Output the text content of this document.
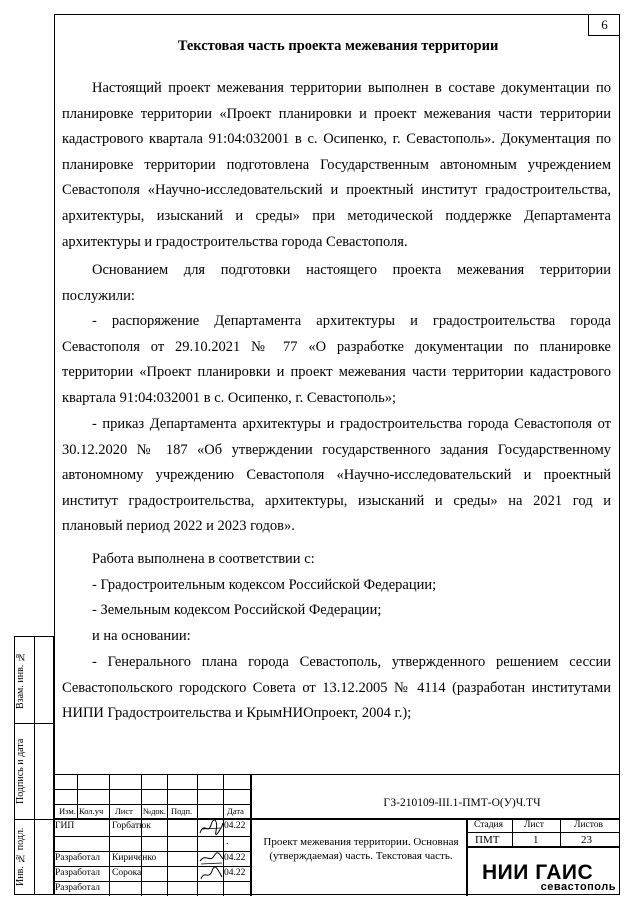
6
Текстовая часть проекта межевания территории
Настоящий проект межевания территории выполнен в составе документации по планировке территории «Проект планировки и проект межевания части территории кадастрового квартала 91:04:032001 в с. Осипенко, г. Севастополь». Документация по планировке территории подготовлена Государственным автономным учреждением Севастополя «Научно-исследовательский и проектный институт градостроительства, архитектуры, изысканий и среды» при методической поддержке Департамента архитектуры и градостроительства города Севастополя.
Основанием для подготовки настоящего проекта межевания территории послужили:
- распоряжение Департамента архитектуры и градостроительства города Севастополя от 29.10.2021 № 77 «О разработке документации по планировке территории «Проект планировки и проект межевания части территории кадастрового квартала 91:04:032001 в с. Осипенко, г. Севастополь»;
- приказ Департамента архитектуры и градостроительства города Севастополя от 30.12.2020 № 187 «Об утверждении государственного задания Государственному автономному учреждению Севастополя «Научно-исследовательский и проектный институт градостроительства, архитектуры, изысканий и среды» на 2021 год и плановый период 2022 и 2023 годов».
Работа выполнена в соответствии с:
- Градостроительным кодексом Российской Федерации;
- Земельным кодексом Российской Федерации;
и на основании:
- Генерального плана города Севастополь, утвержденного решением сессии Севастопольского городского Совета от 13.12.2005 № 4114 (разработан институтами НИПИ Градостроительства и КрымНИОпроект, 2004 г.);
Взам. инв. №
Подпись и дата
Инв. № подл.
Изм. Кол.уч Лист №док. Подп.	Дата
ГЗ-210109-III.1-ПМТ-О(У)Ч.ТЧ
ГИП	Горбатюк	04.22
.
Разработал Кириченко	04.22
Разработал Сорока	04.22
Разработал
Проект межевания территории. Основная (утверждаемая) часть. Текстовая часть.
Стадия Лист	Листов
ПМТ	1	23
НИИ ГАИС
севастополь
